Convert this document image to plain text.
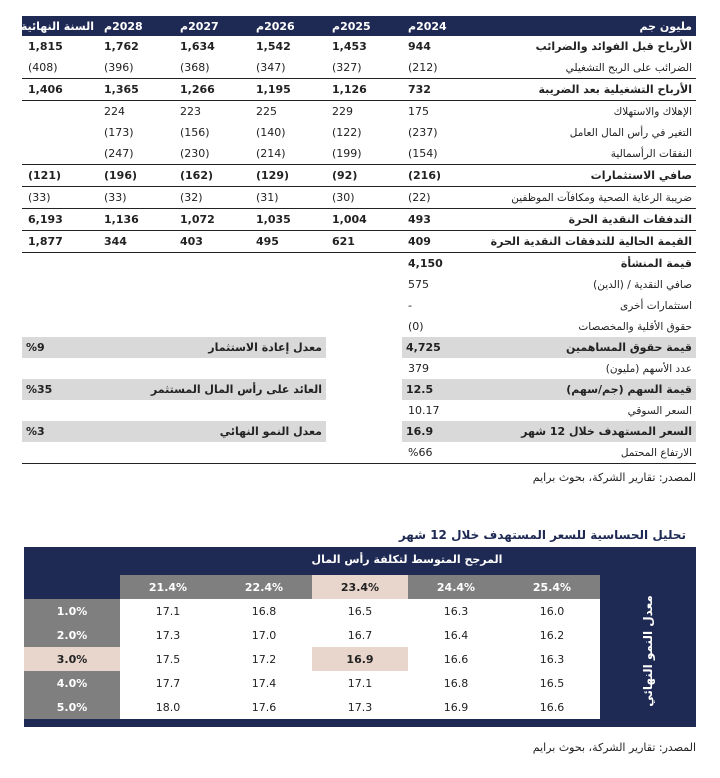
مليون جم	2024م	2025م	2026م	2027م	2028م	السنة النهائية
الأرباح قبل الفوائد والضرائب	944	1,453	1,542	1,634	1,762	1,815
الضرائب على الربح التشغيلي	(212)	(327)	(347)	(368)	(396)	(408)
الأرباح التشغيلية بعد الضريبة	732	1,126	1,195	1,266	1,365	1,406
الإهلاك والاستهلاك	175	229	225	223	224	
التغير في رأس المال العامل	(237)	(122)	(140)	(156)	(173)	
النفقات الرأسمالية	(154)	(199)	(214)	(230)	(247)	
صافي الاستثمارات	(216)	(92)	(129)	(162)	(196)	(121)
ضريبة الرعاية الصحية ومكافآت الموظفين	(22)	(30)	(31)	(32)	(33)	(33)
التدفقات النقدية الحرة	493	1,004	1,035	1,072	1,136	6,193
القيمة الحالية للتدفقات النقدية الحرة	409	621	495	403	344	1,877
قيمة المنشأة	4,150					
صافي النقدية / (الدين)	575					
استثمارات أخرى	-					
حقوق الأقلية والمخصصات	(0)					
قيمة حقوق المساهمين	4,725		معدل إعادة الاستثمار		%9	
عدد الأسهم (مليون)	379					
قيمة السهم (جم/سهم)	12.5		العائد على رأس المال المستثمر		%35	
السعر السوقي	10.17					
السعر المستهدف خلال 12 شهر	16.9		معدل النمو النهائي		%3	
الارتفاع المحتمل	%66					
المصدر: تقارير الشركة، بحوث برايم
تحليل الحساسية للسعر المستهدف خلال 12 شهر
المرجح المتوسط لتكلفة رأس المال
معدل النمو النهائي
	21.4%	22.4%	23.4%	24.4%	25.4%
1.0%	17.1	16.8	16.5	16.3	16.0
2.0%	17.3	17.0	16.7	16.4	16.2
3.0%	17.5	17.2	16.9	16.6	16.3
4.0%	17.7	17.4	17.1	16.8	16.5
5.0%	18.0	17.6	17.3	16.9	16.6
المصدر: تقارير الشركة، بحوث برايم
